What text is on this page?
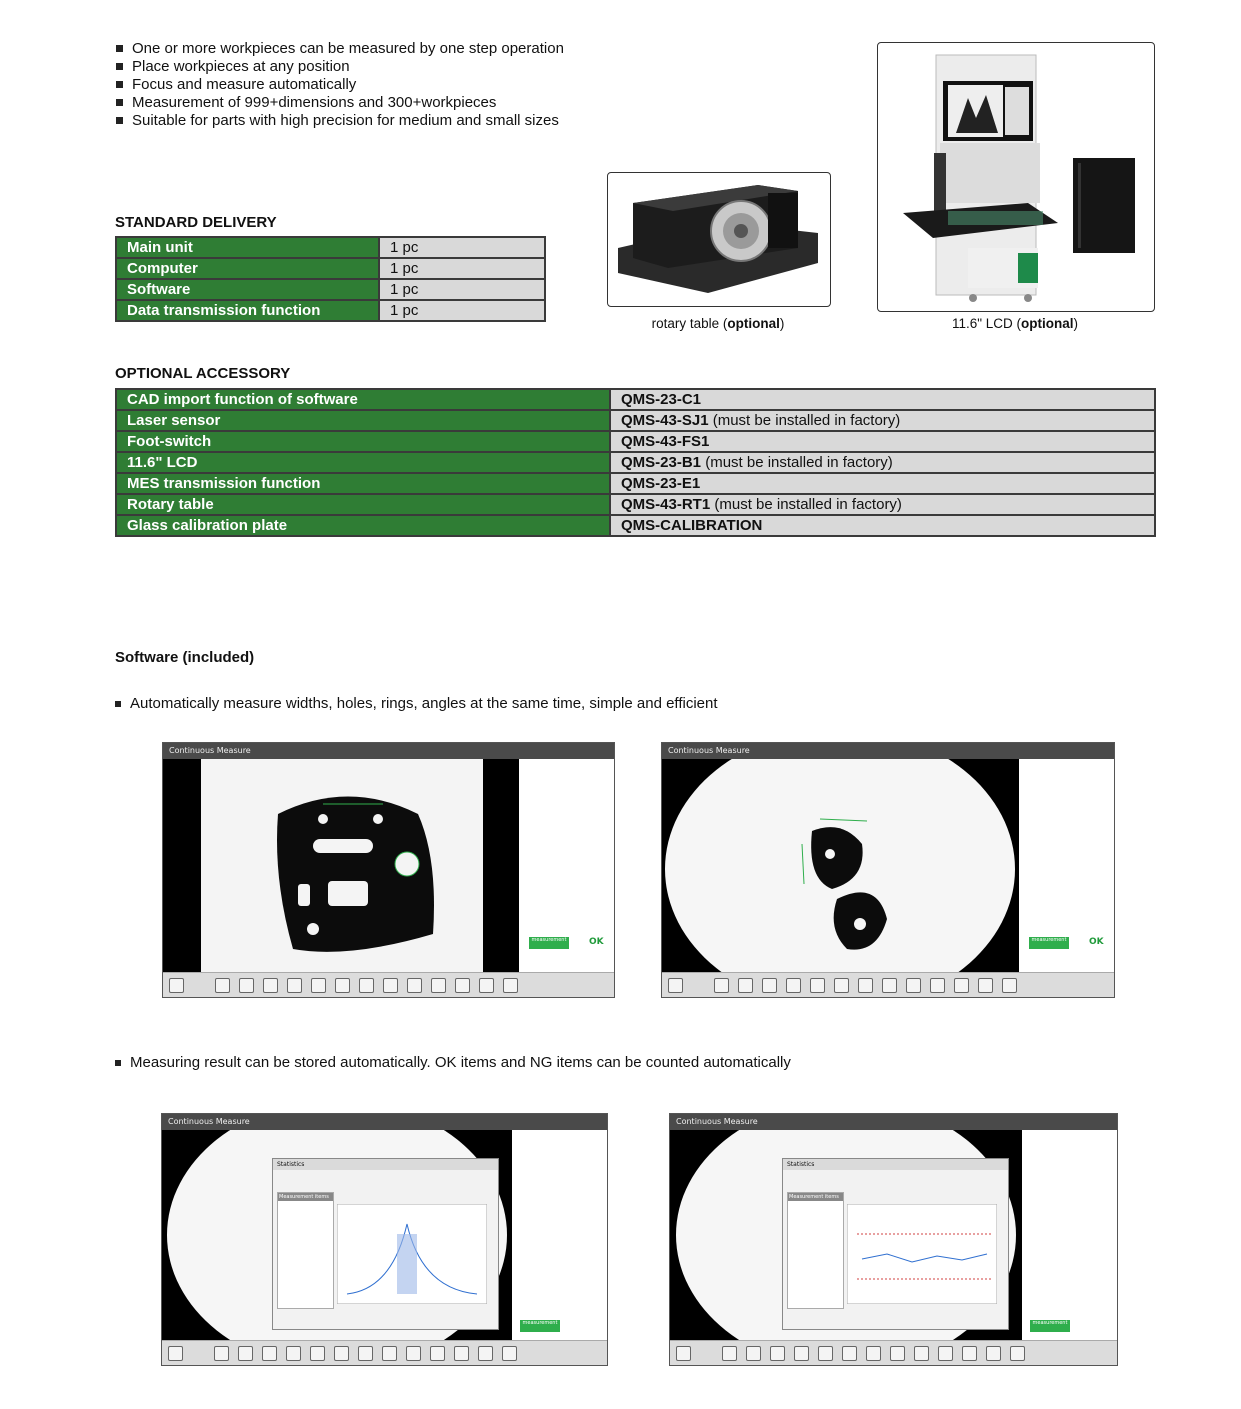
One or more workpieces can be measured by one step operation
Place workpieces at any position
Focus and measure automatically
Measurement of 999+dimensions and 300+workpieces
Suitable for parts with high precision for medium and small sizes
STANDARD DELIVERY
Main unit	1 pc
Computer	1 pc
Software	1 pc
Data transmission function	1 pc
rotary table (optional)	11.6" LCD (optional)
OPTIONAL ACCESSORY
CAD import function of software	QMS-23-C1
Laser sensor	QMS-43-SJ1 (must be installed in factory)
Foot-switch	QMS-43-FS1
11.6" LCD	QMS-23-B1 (must be installed in factory)
MES transmission function	QMS-23-E1
Rotary table	QMS-43-RT1 (must be installed in factory)
Glass calibration plate	QMS-CALIBRATION
Software (included)
Automatically measure widths, holes, rings, angles at the same time, simple and efficient
Measuring result can be stored automatically. OK items and NG items can be counted automatically
Continuous Measure
measurement	OK
Continuous Measure
measurement	OK
Continuous Measure
Statistics
Measurement items
measurement
Continuous Measure
Statistics
Measurement items
measurement
